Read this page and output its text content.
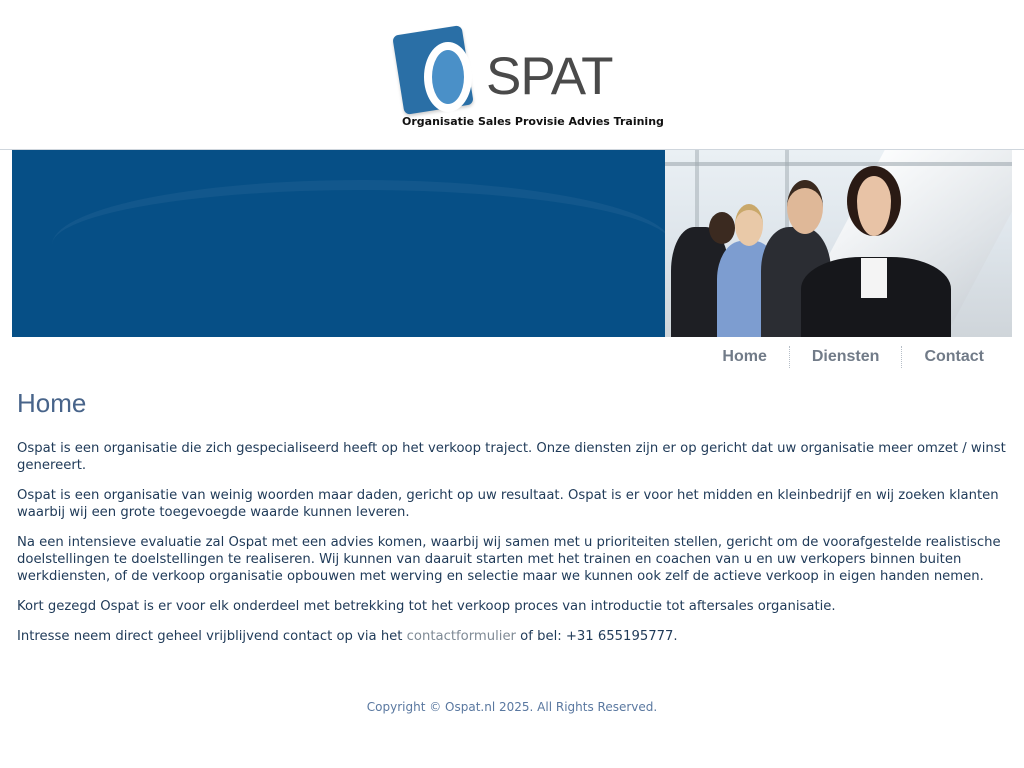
SPAT
Organisatie Sales Provisie Advies Training
Home	Diensten	Contact
Home

Ospat is een organisatie die zich gespecialiseerd heeft op het verkoop traject. Onze diensten zijn er op gericht dat uw organisatie meer omzet / winst genereert.

Ospat is een organisatie van weinig woorden maar daden, gericht op uw resultaat. Ospat is er voor het midden en kleinbedrijf en wij zoeken klanten waarbij wij een grote toegevoegde waarde kunnen leveren.

Na een intensieve evaluatie zal Ospat met een advies komen, waarbij wij samen met u prioriteiten stellen, gericht om de voorafgestelde realistische doelstellingen te doelstellingen te realiseren. Wij kunnen van daaruit starten met het trainen en coachen van u en uw verkopers binnen buiten werkdiensten, of de verkoop organisatie opbouwen met werving en selectie maar we kunnen ook zelf de actieve verkoop in eigen handen nemen.

Kort gezegd Ospat is er voor elk onderdeel met betrekking tot het verkoop proces van introductie tot aftersales organisatie.

Intresse neem direct geheel vrijblijvend contact op via het contactformulier of bel: +31 655195777.

Copyright © Ospat.nl 2025. All Rights Reserved.
